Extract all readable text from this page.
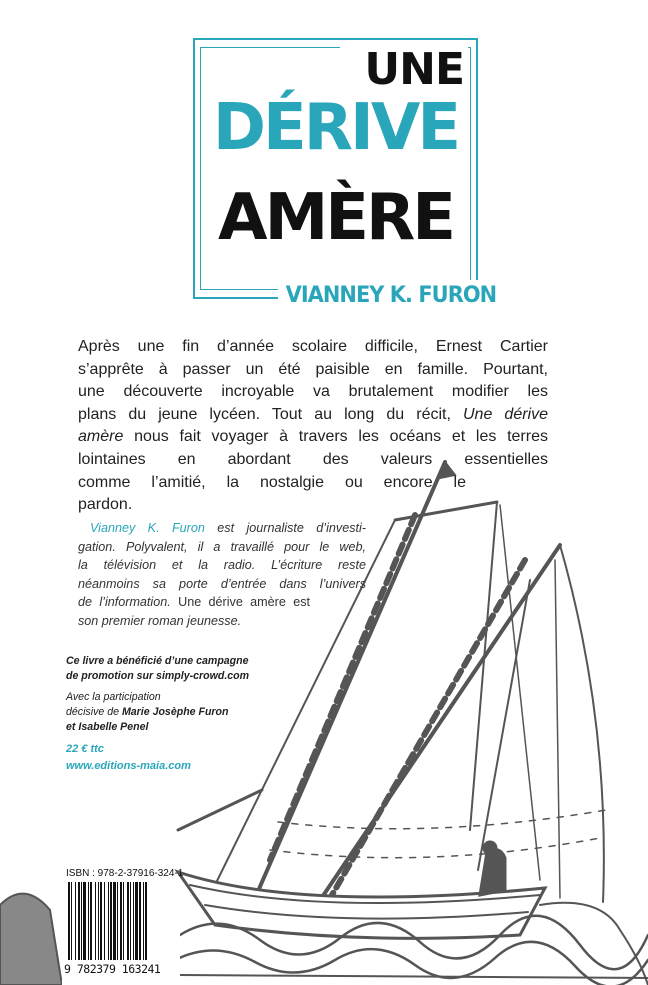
UNE
DÉRIVE
AMÈRE
VIANNEY K. FURON
Après une fin d’année scolaire difficile, Ernest Cartier
s’apprête à passer un été paisible en famille. Pourtant,
une découverte incroyable va brutalement modifier les
plans du jeune lycéen. Tout au long du récit, Une dérive
amère nous fait voyager à travers les océans et les terres
lointaines en abordant des valeurs essentielles
comme l’amitié, la nostalgie ou encore le
pardon.
Vianney K. Furon est journaliste d’investi-
gation. Polyvalent, il a travaillé pour le web,
la télévision et la radio. L’écriture reste
néanmoins sa porte d’entrée dans l’univers
de l’information. Une dérive amère est
son premier roman jeunesse.
Ce livre a bénéficié d’une campagne
de promotion sur simply-crowd.com
Avec la participation
décisive de Marie Josèphe Furon
et Isabelle Penel
22 € ttc
www.editions-maia.com
ISBN : 978-2-37916-324-1
9 782379 163241
